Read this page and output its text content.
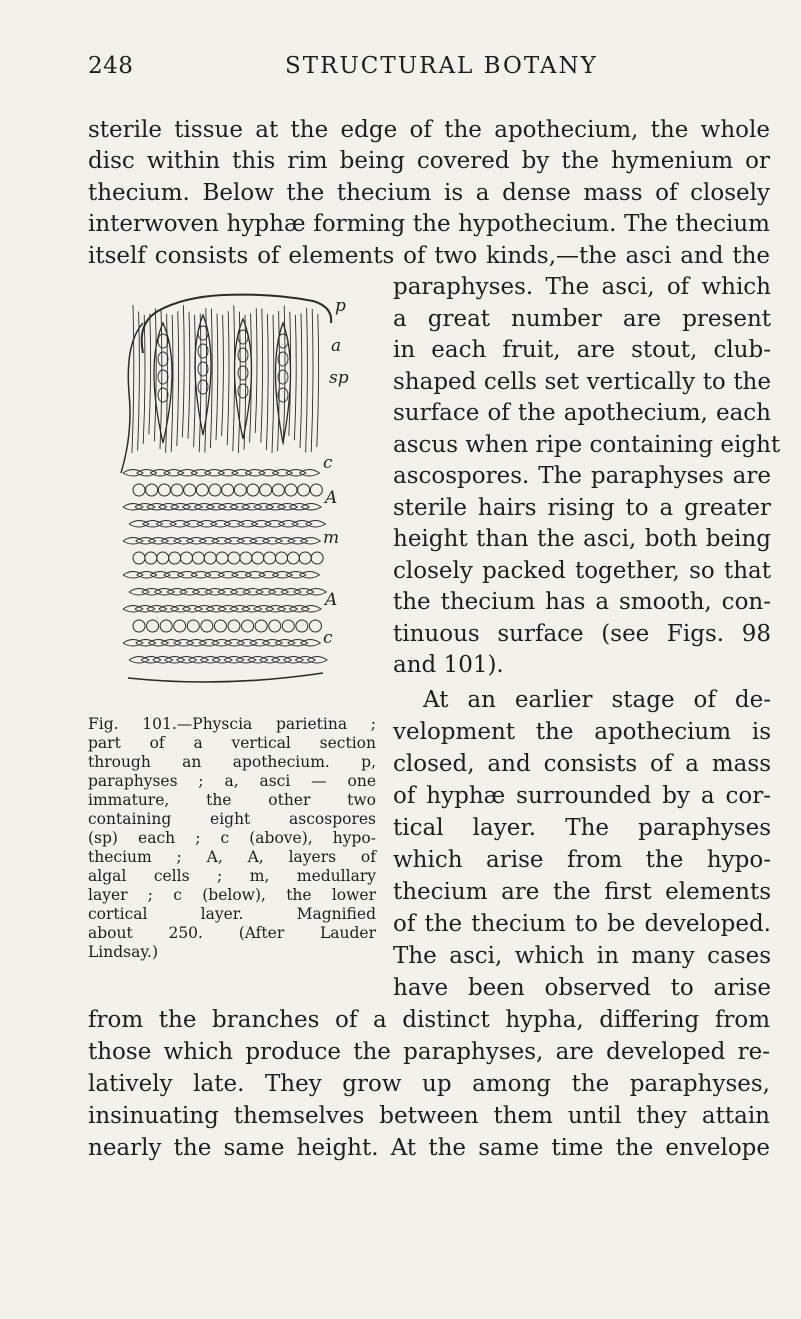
248	STRUCTURAL BOTANY
sterile tissue at the edge of the apothecium, the whole
disc within this rim being covered by the hymenium or
thecium. Below the thecium is a dense mass of closely
interwoven hyphæ forming the hypothecium. The thecium
itself consists of elements of two kinds,—the asci and the
paraphyses. The asci, of which
a great number are present
in each fruit, are stout, club-
shaped cells set vertically to the
surface of the apothecium, each
ascus when ripe containing eight
ascospores. The paraphyses are
sterile hairs rising to a greater
height than the asci, both being
closely packed together, so that
the thecium has a smooth, con-
tinuous surface (see Figs. 98
and 101).
At an earlier stage of de-
velopment the apothecium is
closed, and consists of a mass
of hyphæ surrounded by a cor-
tical layer. The paraphyses
which arise from the hypo-
thecium are the first elements
of the thecium to be developed.
The asci, which in many cases
have been observed to arise
from the branches of a distinct hypha, differing from
those which produce the paraphyses, are developed re-
latively late. They grow up among the paraphyses,
insinuating themselves between them until they attain
nearly the same height. At the same time the envelope
p
a
sp
c
A
m
A
c
Fig. 101.—Physcia parietina ;
part of a vertical section
through an apothecium. p,
paraphyses ; a, asci — one
immature, the other two
containing eight ascospores
(sp) each ; c (above), hypo-
thecium ; A, A, layers of
algal cells ; m, medullary
layer ; c (below), the lower
cortical layer. Magnified
about 250. (After Lauder
Lindsay.)
